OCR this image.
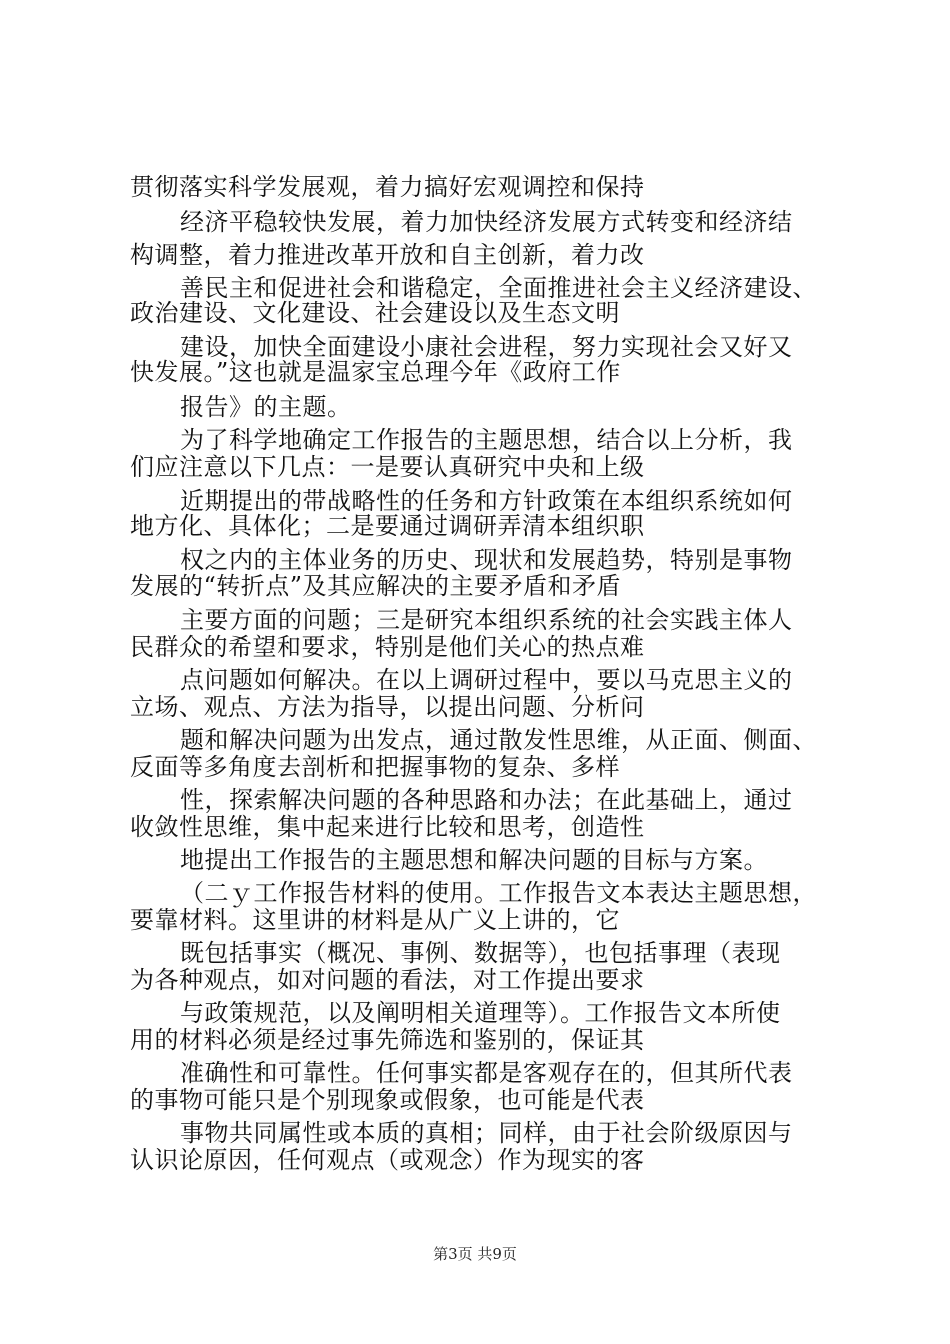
贯彻落实科学发展观，着力搞好宏观调控和保持
经济平稳较快发展，着力加快经济发展方式转变和经济结
构调整，着力推进改革开放和自主创新，着力改
善民主和促进社会和谐稳定，全面推进社会主义经济建设、
政治建设、文化建设、社会建设以及生态文明
建设，加快全面建设小康社会进程，努力实现社会又好又
快发展。”这也就是温家宝总理今年《政府工作
报告》的主题。
为了科学地确定工作报告的主题思想，结合以上分析，我
们应注意以下几点：一是要认真研究中央和上级
近期提出的带战略性的任务和方针政策在本组织系统如何
地方化、具体化；二是要通过调研弄清本组织职
权之内的主体业务的历史、现状和发展趋势，特别是事物
发展的“转折点”及其应解决的主要矛盾和矛盾
主要方面的问题；三是研究本组织系统的社会实践主体人
民群众的希望和要求，特别是他们关心的热点难
点问题如何解决。在以上调研过程中，要以马克思主义的
立场、观点、方法为指导，以提出问题、分析问
题和解决问题为出发点，通过散发性思维，从正面、侧面、
反面等多角度去剖析和把握事物的复杂、多样
性，探索解决问题的各种思路和办法；在此基础上，通过
收敛性思维，集中起来进行比较和思考，创造性
地提出工作报告的主题思想和解决问题的目标与方案。
（二ｙ工作报告材料的使用。工作报告文本表达主题思想，
要靠材料。这里讲的材料是从广义上讲的，它
既包括事实（概况、事例、数据等），也包括事理（表现
为各种观点，如对问题的看法，对工作提出要求
与政策规范，以及阐明相关道理等）。工作报告文本所使
用的材料必须是经过事先筛选和鉴别的，保证其
准确性和可靠性。任何事实都是客观存在的，但其所代表
的事物可能只是个别现象或假象，也可能是代表
事物共同属性或本质的真相；同样，由于社会阶级原因与
认识论原因，任何观点（或观念）作为现实的客
第3页 共9页
